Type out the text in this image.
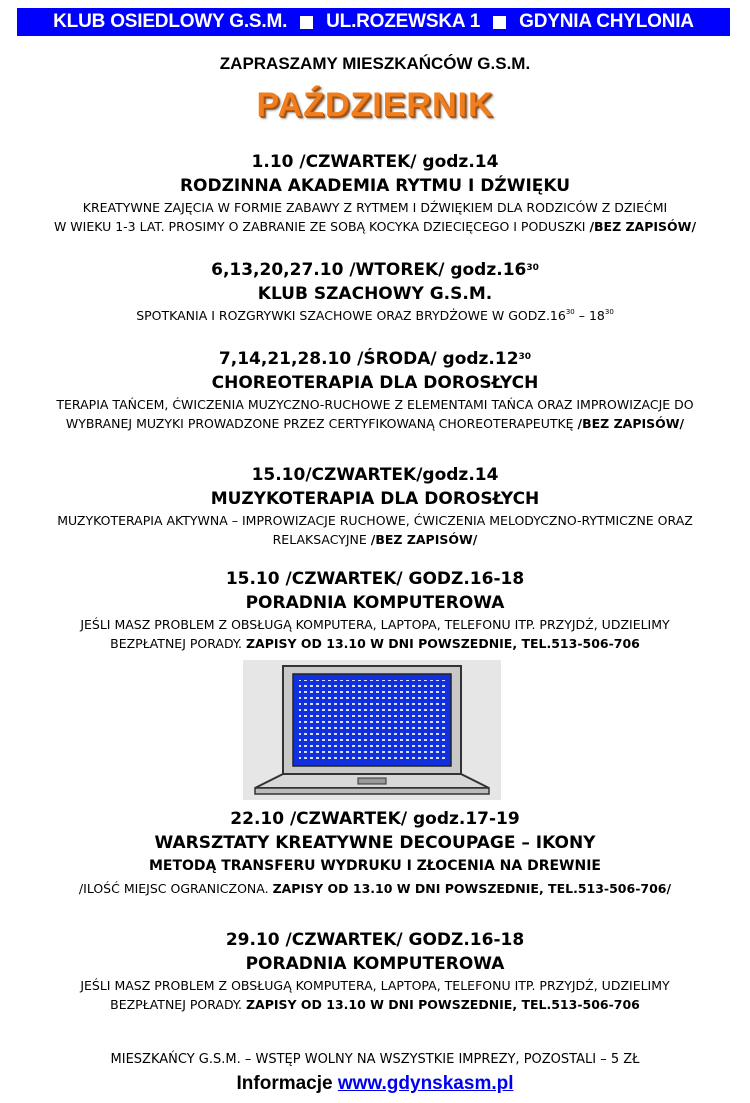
KLUB OSIEDLOWY G.S.M. UL.ROZEWSKA 1 GDYNIA CHYLONIA
ZAPRASZAMY MIESZKAŃCÓW G.S.M.
PAŹDZIERNIK
1.10 /CZWARTEK/ godz.14
RODZINNA AKADEMIA RYTMU I DŹWIĘKU
KREATYWNE ZAJĘCIA W FORMIE ZABAWY Z RYTMEM I DŹWIĘKIEM DLA RODZICÓW Z DZIEĆMI
W WIEKU 1-3 LAT. PROSIMY O ZABRANIE ZE SOBĄ KOCYKA DZIECIĘCEGO I PODUSZKI /BEZ ZAPISÓW/
6,13,20,27.10 /WTOREK/ $godz.16^{30}$
KLUB SZACHOWY G.S.M.
SPOTKANIA I ROZGRYWKI SZACHOWE ORAZ BRYDŻOWE W $GODZ.16^{30} - 18^{30}$
7,14,21,28.10 /ŚRODA/ $godz.12^{30}$
CHOREOTERAPIA DLA DOROSŁYCH
TERAPIA TAŃCEM, ĆWICZENIA MUZYCZNO-RUCHOWE Z ELEMENTAMI TAŃCA ORAZ IMPROWIZACJE DO
WYBRANEJ MUZYKI PROWADZONE PRZEZ CERTYFIKOWANĄ CHOREOTERAPEUTKĘ /BEZ ZAPISÓW/
15.10/CZWARTEK/godz.14
MUZYKOTERAPIA DLA DOROSŁYCH
MUZYKOTERAPIA AKTYWNA – IMPROWIZACJE RUCHOWE, ĆWICZENIA MELODYCZNO-RYTMICZNE ORAZ
RELAKSACYJNE /BEZ ZAPISÓW/
15.10 /CZWARTEK/ GODZ.16-18
PORADNIA KOMPUTEROWA
JEŚLI MASZ PROBLEM Z OBSŁUGĄ KOMPUTERA, LAPTOPA, TELEFONU ITP. PRZYJDŹ, UDZIELIMY
BEZPŁATNEJ PORADY. ZAPISY OD 13.10 W DNI POWSZEDNIE, TEL.513-506-706
22.10 /CZWARTEK/ godz.17-19
WARSZTATY KREATYWNE DECOUPAGE – IKONY
METODĄ TRANSFERU WYDRUKU I ZŁOCENIA NA DREWNIE
/ILOŚĆ MIEJSC OGRANICZONA. ZAPISY OD 13.10 W DNI POWSZEDNIE, TEL.513-506-706/
29.10 /CZWARTEK/ GODZ.16-18
PORADNIA KOMPUTEROWA
JEŚLI MASZ PROBLEM Z OBSŁUGĄ KOMPUTERA, LAPTOPA, TELEFONU ITP. PRZYJDŹ, UDZIELIMY
BEZPŁATNEJ PORADY. ZAPISY OD 13.10 W DNI POWSZEDNIE, TEL.513-506-706
MIESZKAŃCY G.S.M. – WSTĘP WOLNY NA WSZYSTKIE IMPREZY, POZOSTALI – 5 ZŁ
Informacje www.gdynskasm.pl
